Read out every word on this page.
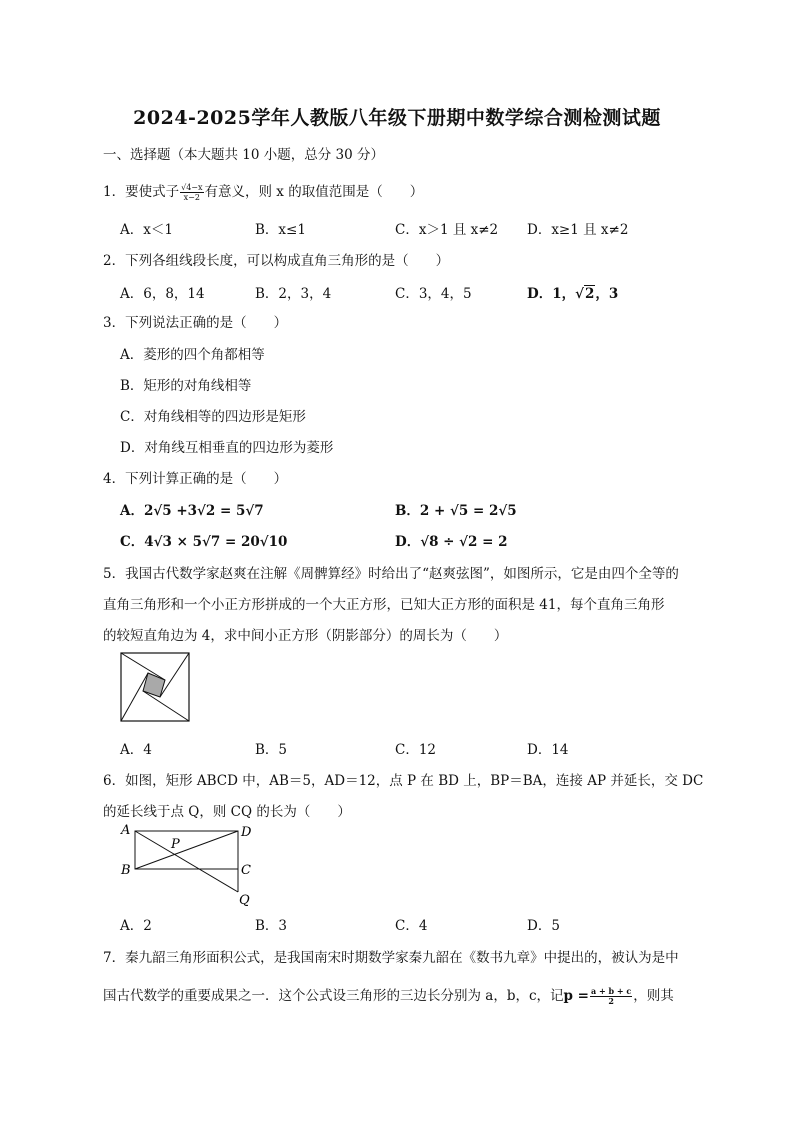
2024-2025学年人教版八年级下册期中数学综合测检测试题
一、选择题（本大题共 10 小题，总分 30 分）
1．要使式子 $\frac{√4-x}{x-2}$ 有意义，则 x 的取值范围是（　　）
A．x＜1	B．x≤1	C．x＞1 且 x≠2 D．x≥1 且 x≠2
2．下列各组线段长度，可以构成直角三角形的是（　　）
A．6，8，14	B．2，3，4	C．3，4，5	D．1，√2，3
3．下列说法正确的是（　　）
A．菱形的四个角都相等
B．矩形的对角线相等
C．对角线相等的四边形是矩形
D．对角线互相垂直的四边形为菱形
4．下列计算正确的是（　　）
A．2√5 +3√2 = 5√7	B．2 + √5 = 2√5
C．4√3 × 5√7 = 20√10	D．√8 ÷ √2 = 2
5．我国古代数学家赵爽在注解《周髀算经》时给出了“赵爽弦图”，如图所示，它是由四个全等的
直角三角形和一个小正方形拼成的一个大正方形，已知大正方形的面积是 41，每个直角三角形
的较短直角边为 4，求中间小正方形（阴影部分）的周长为（　　）
A．4	B．5	C．12	D．14
6．如图，矩形 ABCD 中，AB＝5，AD＝12，点 P 在 BD 上，BP＝BA，连接 AP 并延长，交 DC
的延长线于点 Q，则 CQ 的长为（　　）
A
B	C
D
P
Q
A．2	B．3	C．4	D．5
7．秦九韶三角形面积公式，是我国南宋时期数学家秦九韶在《数书九章》中提出的，被认为是中
国古代数学的重要成果之一．这个公式设三角形的三边长分别为 a，b，c，记$p = \frac{a + b + c}{2}$ ，则其
